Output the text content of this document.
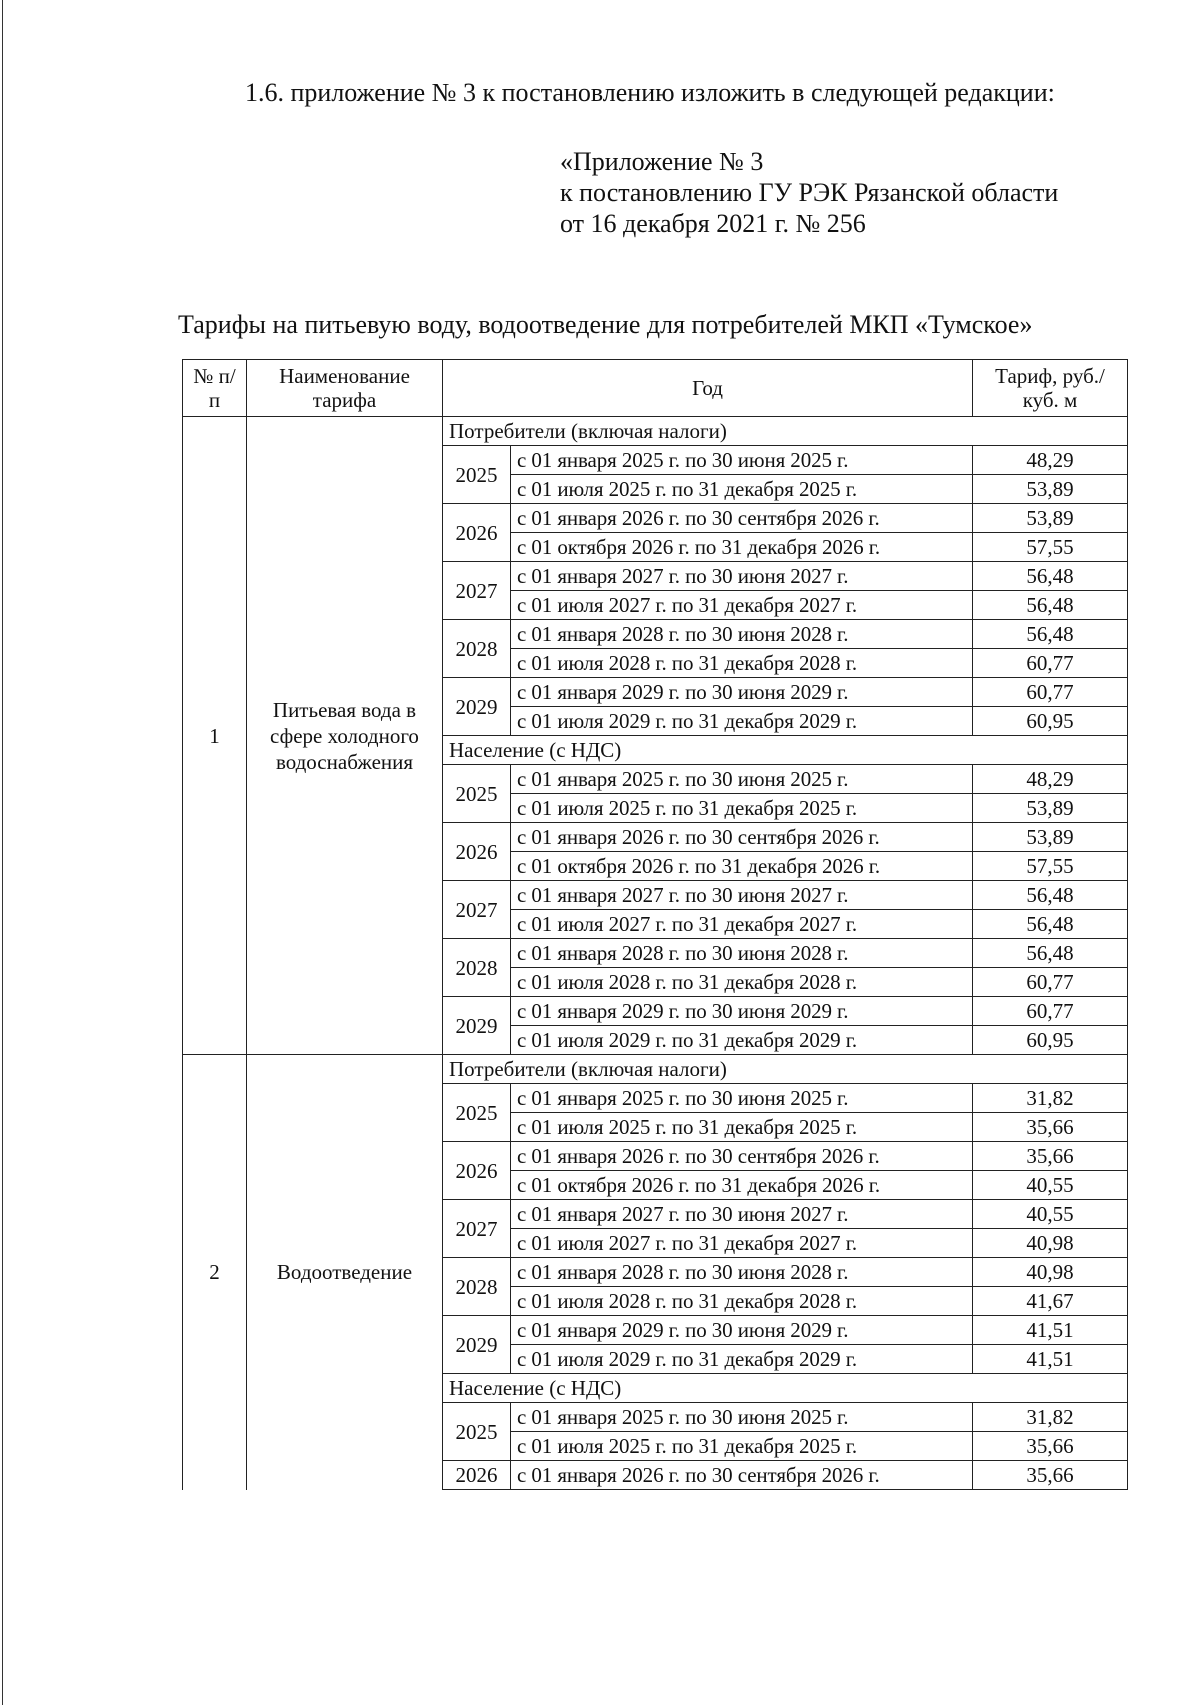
1.6. приложение № 3 к постановлению изложить в следующей редакции:
«Приложение № 3
к постановлению ГУ РЭК Рязанской области
от 16 декабря 2021 г. № 256
Тарифы на питьевую воду, водоотведение для потребителей МКП «Тумское»
№ п/п	Наименование тарифа	Год		Тариф, руб./куб. м
1	Питьевая вода в сфере холодного водоснабжения	Потребители (включая налоги)		
		2025	с 01 января 2025 г. по 30 июня 2025 г.	48,29
			с 01 июля 2025 г. по 31 декабря 2025 г.	53,89
		2026	с 01 января 2026 г. по 30 сентября 2026 г.	53,89
			с 01 октября 2026 г. по 31 декабря 2026 г.	57,55
		2027	с 01 января 2027 г. по 30 июня 2027 г.	56,48
			с 01 июля 2027 г. по 31 декабря 2027 г.	56,48
		2028	с 01 января 2028 г. по 30 июня 2028 г.	56,48
			с 01 июля 2028 г. по 31 декабря 2028 г.	60,77
		2029	с 01 января 2029 г. по 30 июня 2029 г.	60,77
			с 01 июля 2029 г. по 31 декабря 2029 г.	60,95
		Население (с НДС)		
		2025	с 01 января 2025 г. по 30 июня 2025 г.	48,29
			с 01 июля 2025 г. по 31 декабря 2025 г.	53,89
		2026	с 01 января 2026 г. по 30 сентября 2026 г.	53,89
			с 01 октября 2026 г. по 31 декабря 2026 г.	57,55
		2027	с 01 января 2027 г. по 30 июня 2027 г.	56,48
			с 01 июля 2027 г. по 31 декабря 2027 г.	56,48
		2028	с 01 января 2028 г. по 30 июня 2028 г.	56,48
			с 01 июля 2028 г. по 31 декабря 2028 г.	60,77
		2029	с 01 января 2029 г. по 30 июня 2029 г.	60,77
			с 01 июля 2029 г. по 31 декабря 2029 г.	60,95
2	Водоотведение	Потребители (включая налоги)		
		2025	с 01 января 2025 г. по 30 июня 2025 г.	31,82
			с 01 июля 2025 г. по 31 декабря 2025 г.	35,66
		2026	с 01 января 2026 г. по 30 сентября 2026 г.	35,66
			с 01 октября 2026 г. по 31 декабря 2026 г.	40,55
		2027	с 01 января 2027 г. по 30 июня 2027 г.	40,55
			с 01 июля 2027 г. по 31 декабря 2027 г.	40,98
		2028	с 01 января 2028 г. по 30 июня 2028 г.	40,98
			с 01 июля 2028 г. по 31 декабря 2028 г.	41,67
		2029	с 01 января 2029 г. по 30 июня 2029 г.	41,51
			с 01 июля 2029 г. по 31 декабря 2029 г.	41,51
		Население (с НДС)		
		2025	с 01 января 2025 г. по 30 июня 2025 г.	31,82
			с 01 июля 2025 г. по 31 декабря 2025 г.	35,66
		2026	с 01 января 2026 г. по 30 сентября 2026 г.	35,66
